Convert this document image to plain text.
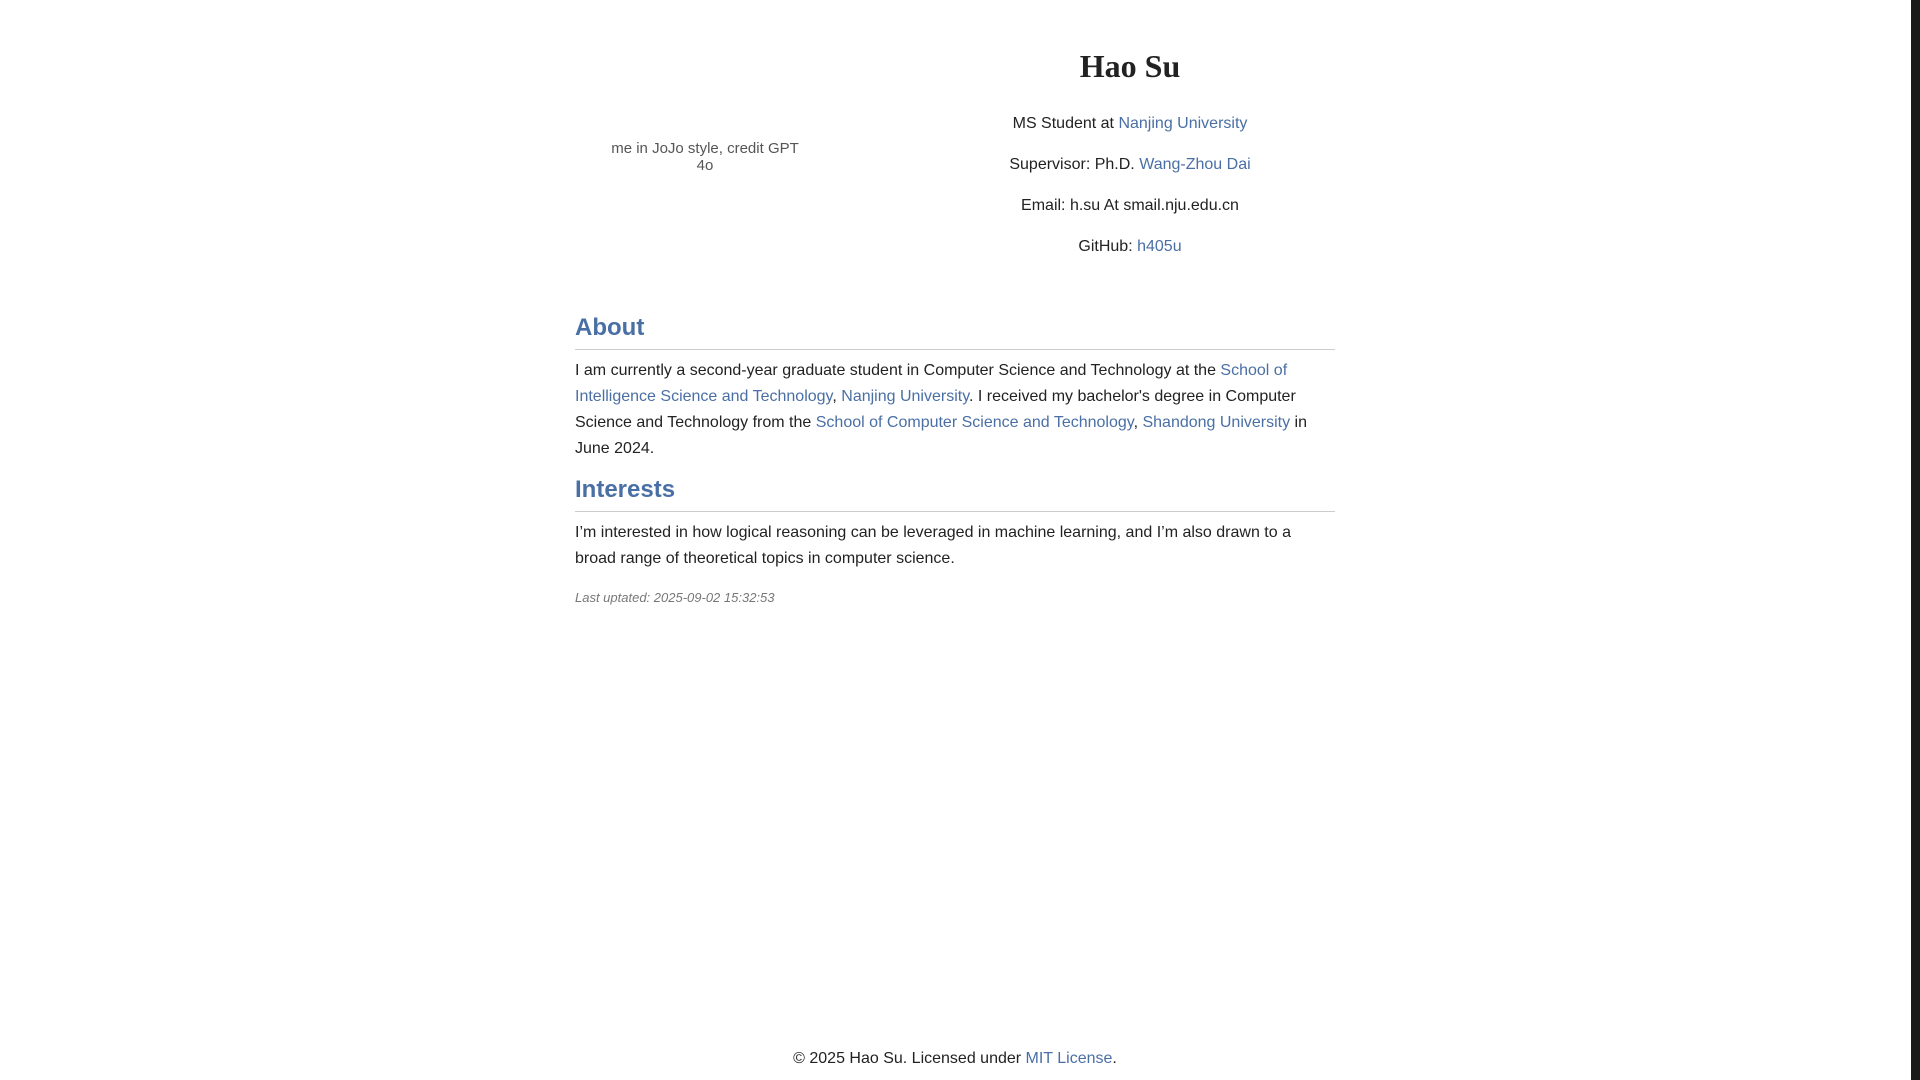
me in JoJo style, credit GPT 4o
Hao Su

MS Student at Nanjing University

Supervisor: Ph.D. Wang-Zhou Dai

Email: h.su At smail.nju.edu.cn

GitHub: h405u

About

I am currently a second-year graduate student in Computer Science and Technology at the School of Intelligence Science and Technology, Nanjing University. I received my bachelor's degree in Computer Science and Technology from the School of Computer Science and Technology, Shandong University in June 2024.

Interests

I’m interested in how logical reasoning can be leveraged in machine learning, and I’m also drawn to a broad range of theoretical topics in computer science.

Last uptated: 2025-09-02 15:32:53
© 2025 Hao Su. Licensed under MIT License.
